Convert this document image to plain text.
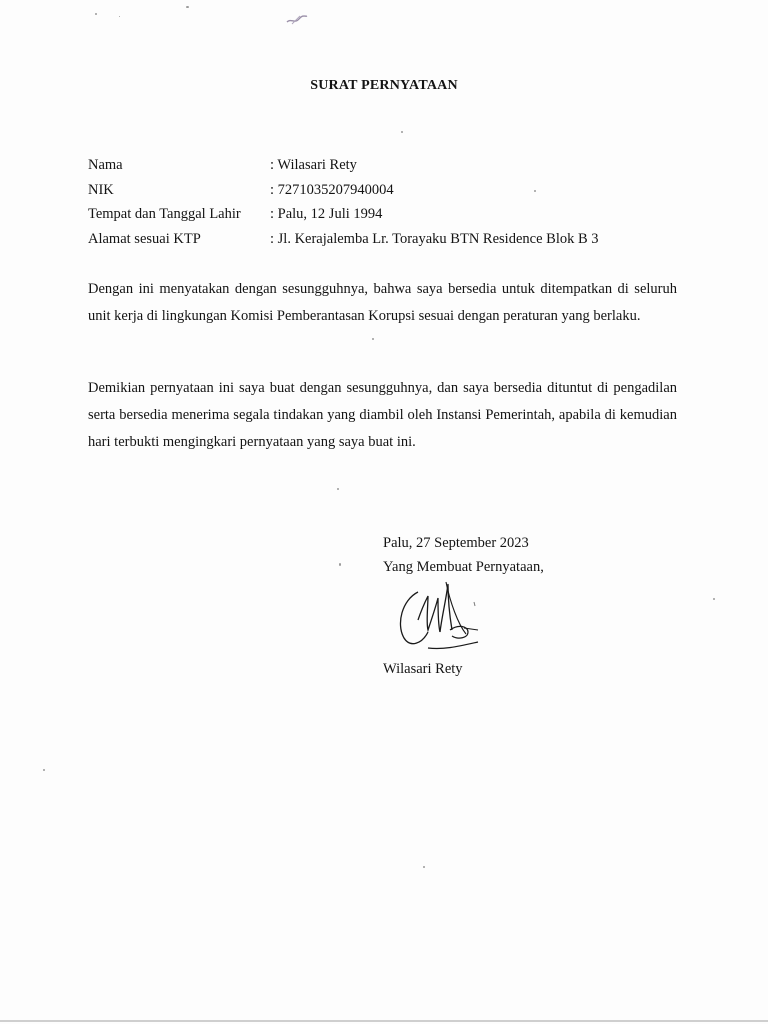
SURAT PERNYATAAN
Nama	: Wilasari Rety
NIK	: 7271035207940004
Tempat dan Tanggal Lahir	: Palu, 12 Juli 1994
Alamat sesuai KTP	: Jl. Kerajalemba Lr. Torayaku BTN Residence Blok B 3
Dengan ini menyatakan dengan sesungguhnya, bahwa saya bersedia untuk ditempatkan di seluruh unit kerja di lingkungan Komisi Pemberantasan Korupsi sesuai dengan peraturan yang berlaku.
Demikian pernyataan ini saya buat dengan sesungguhnya, dan saya bersedia dituntut di pengadilan serta bersedia menerima segala tindakan yang diambil oleh Instansi Pemerintah, apabila di kemudian hari terbukti mengingkari pernyataan yang saya buat ini.
Palu, 27 September 2023
Yang Membuat Pernyataan,
Wilasari Rety
